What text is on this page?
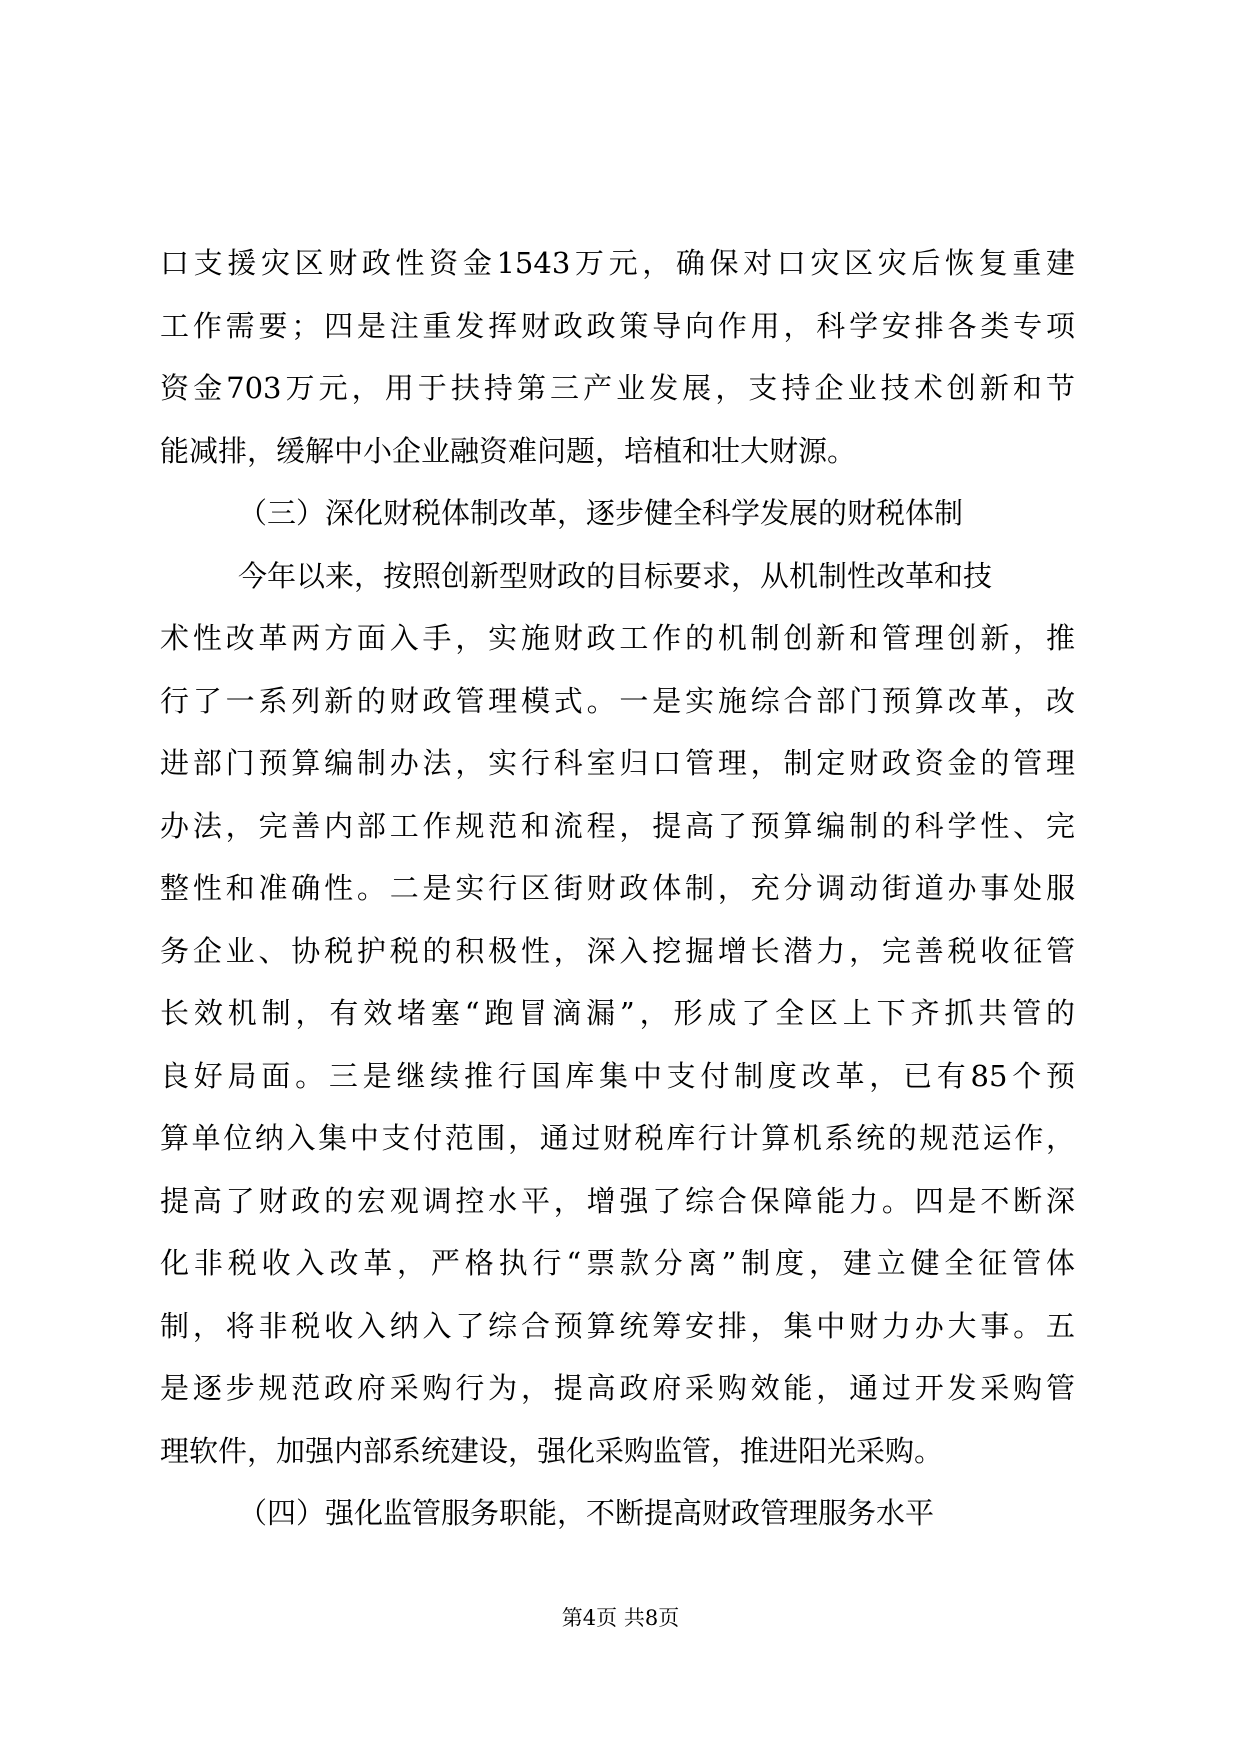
口支援灾区财政性资金1543万元，确保对口灾区灾后恢复重建
工作需要；四是注重发挥财政政策导向作用，科学安排各类专项
资金703万元，用于扶持第三产业发展，支持企业技术创新和节
能减排，缓解中小企业融资难问题，培植和壮大财源。
（三）深化财税体制改革，逐步健全科学发展的财税体制
今年以来，按照创新型财政的目标要求，从机制性改革和技
术性改革两方面入手，实施财政工作的机制创新和管理创新，推
行了一系列新的财政管理模式。一是实施综合部门预算改革，改
进部门预算编制办法，实行科室归口管理，制定财政资金的管理
办法，完善内部工作规范和流程，提高了预算编制的科学性、完
整性和准确性。二是实行区街财政体制，充分调动街道办事处服
务企业、协税护税的积极性，深入挖掘增长潜力，完善税收征管
长效机制，有效堵塞“跑冒滴漏”，形成了全区上下齐抓共管的
良好局面。三是继续推行国库集中支付制度改革，已有85个预
算单位纳入集中支付范围，通过财税库行计算机系统的规范运作，
提高了财政的宏观调控水平，增强了综合保障能力。四是不断深
化非税收入改革，严格执行“票款分离”制度，建立健全征管体
制，将非税收入纳入了综合预算统筹安排，集中财力办大事。五
是逐步规范政府采购行为，提高政府采购效能，通过开发采购管
理软件，加强内部系统建设，强化采购监管，推进阳光采购。
（四）强化监管服务职能，不断提高财政管理服务水平
第4页 共8页
